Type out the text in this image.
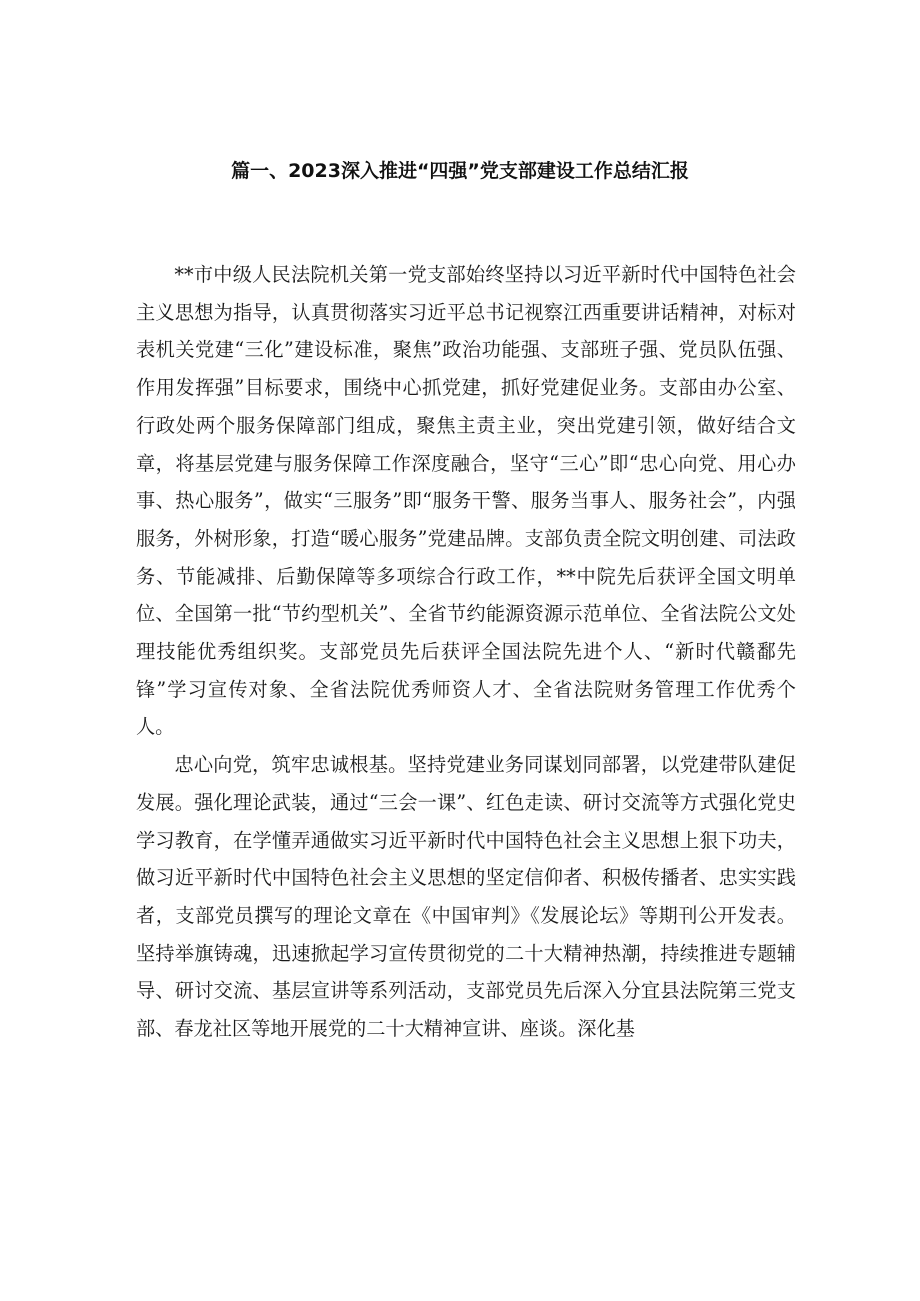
篇一、2023深入推进“四强”党支部建设工作总结汇报

**市中级人民法院机关第一党支部始终坚持以习近平新时代中国特色社会主义思想为指导，认真贯彻落实习近平总书记视察江西重要讲话精神，对标对表机关党建“三化”建设标准，聚焦”政治功能强、支部班子强、党员队伍强、作用发挥强”目标要求，围绕中心抓党建，抓好党建促业务。支部由办公室、行政处两个服务保障部门组成，聚焦主责主业，突出党建引领，做好结合文章，将基层党建与服务保障工作深度融合，坚守“三心”即“忠心向党、用心办事、热心服务”，做实“三服务”即“服务干警、服务当事人、服务社会”，内强服务，外树形象，打造“暖心服务”党建品牌。支部负责全院文明创建、司法政务、节能减排、后勤保障等多项综合行政工作，**中院先后获评全国文明单位、全国第一批“节约型机关”、全省节约能源资源示范单位、全省法院公文处理技能优秀组织奖。支部党员先后获评全国法院先进个人、“新时代赣鄱先锋”学习宣传对象、全省法院优秀师资人才、全省法院财务管理工作优秀个人。

忠心向党，筑牢忠诚根基。坚持党建业务同谋划同部署，以党建带队建促发展。强化理论武装，通过“三会一课”、红色走读、研讨交流等方式强化党史学习教育，在学懂弄通做实习近平新时代中国特色社会主义思想上狠下功夫，做习近平新时代中国特色社会主义思想的坚定信仰者、积极传播者、忠实实践者，支部党员撰写的理论文章在《中国审判》《发展论坛》等期刊公开发表。坚持举旗铸魂，迅速掀起学习宣传贯彻党的二十大精神热潮，持续推进专题辅导、研讨交流、基层宣讲等系列活动，支部党员先后深入分宜县法院第三党支部、春龙社区等地开展党的二十大精神宣讲、座谈。深化基
